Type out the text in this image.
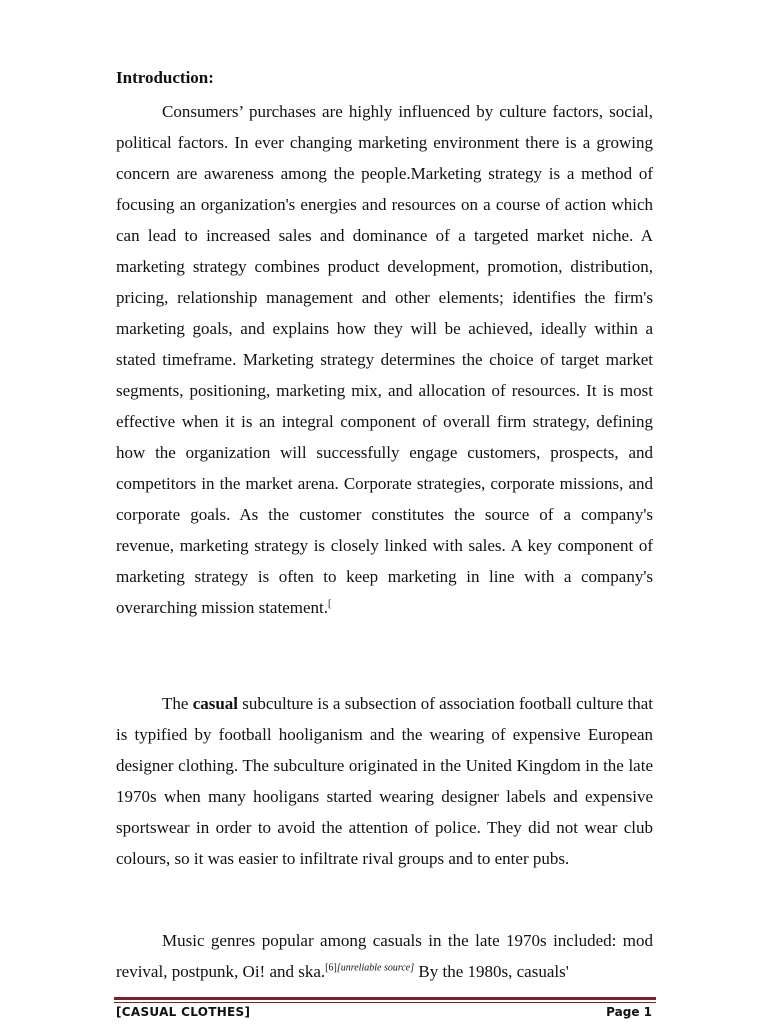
Introduction:

Consumers’ purchases are highly influenced by culture factors, social, political factors. In ever changing marketing environment there is a growing concern are awareness among the people.Marketing strategy is a method of focusing an organization's energies and resources on a course of action which can lead to increased sales and dominance of a targeted market niche. A marketing strategy combines product development, promotion, distribution, pricing, relationship management and other elements; identifies the firm's marketing goals, and explains how they will be achieved, ideally within a stated timeframe. Marketing strategy determines the choice of target market segments, positioning, marketing mix, and allocation of resources. It is most effective when it is an integral component of overall firm strategy, defining how the organization will successfully engage customers, prospects, and competitors in the market arena. Corporate strategies, corporate missions, and corporate goals. As the customer constitutes the source of a company's revenue, marketing strategy is closely linked with sales. A key component of marketing strategy is often to keep marketing in line with a company's overarching mission statement.[

The casual subculture is a subsection of association football culture that is typified by football hooliganism and the wearing of expensive European designer clothing. The subculture originated in the United Kingdom in the late 1970s when many hooligans started wearing designer labels and expensive sportswear in order to avoid the attention of police. They did not wear club colours, so it was easier to infiltrate rival groups and to enter pubs.

Music genres popular among casuals in the late 1970s included: mod revival, postpunk, Oi! and ska.[6][unreliable source] By the 1980s, casuals'

[CASUAL CLOTHES]	Page 1
